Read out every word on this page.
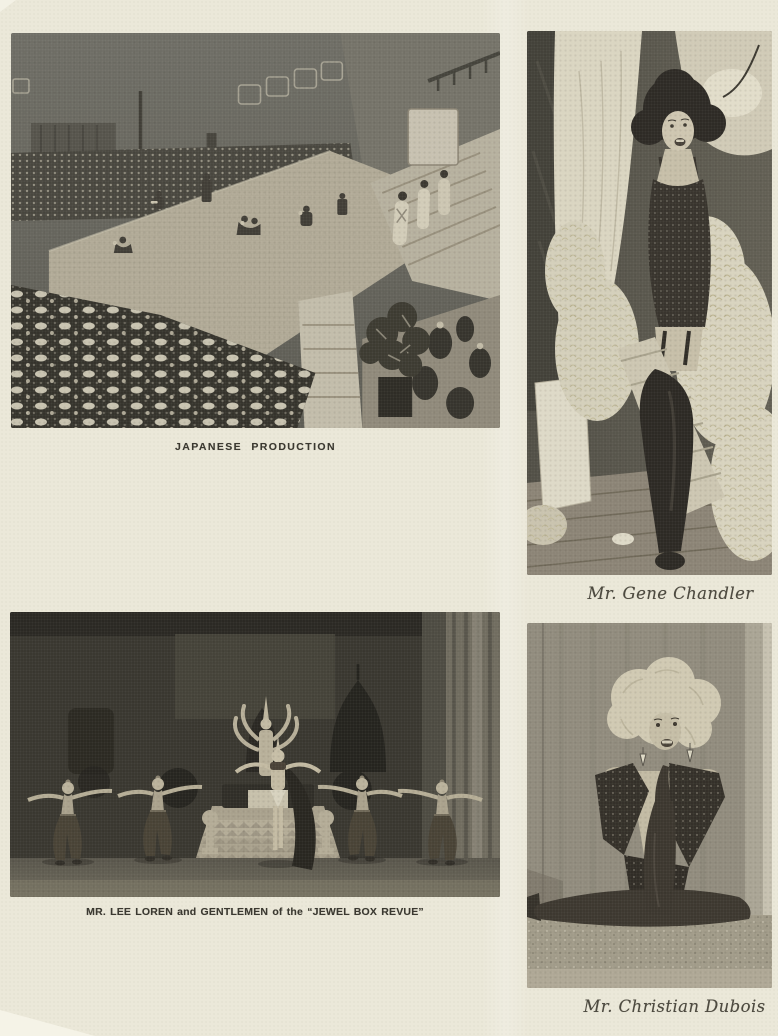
JAPANESE PRODUCTION
Mr. Gene Chandler
MR. LEE LOREN and GENTLEMEN of the “JEWEL BOX REVUE”
Mr. Christian Dubois
